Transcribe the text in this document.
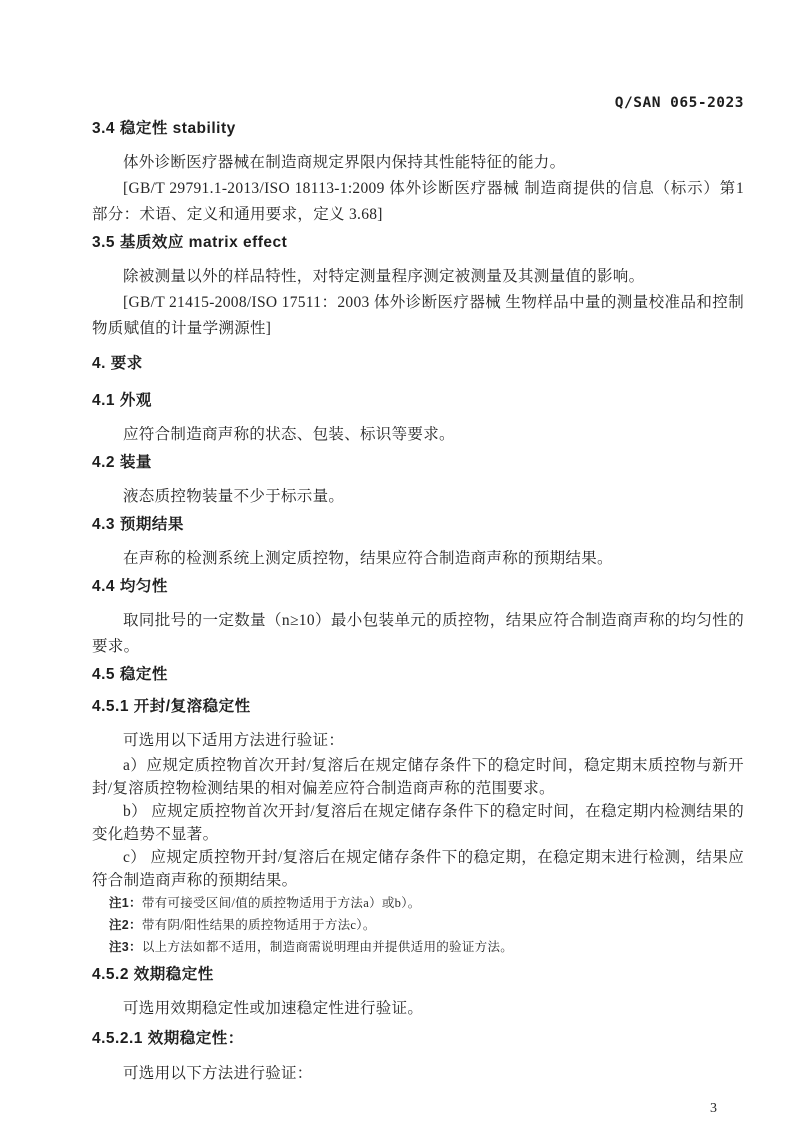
Q/SAN 065-2023
3.4 稳定性 stability
体外诊断医疗器械在制造商规定界限内保持其性能特征的能力。
[GB/T 29791.1-2013/ISO 18113-1:2009 体外诊断医疗器械 制造商提供的信息（标示）第1部分：术语、定义和通用要求，定义 3.68]
3.5 基质效应 matrix effect
除被测量以外的样品特性，对特定测量程序测定被测量及其测量值的影响。
[GB/T 21415-2008/ISO 17511：2003 体外诊断医疗器械 生物样品中量的测量校准品和控制物质赋值的计量学溯源性]
4. 要求
4.1 外观
应符合制造商声称的状态、包装、标识等要求。
4.2 装量
液态质控物装量不少于标示量。
4.3 预期结果
在声称的检测系统上测定质控物，结果应符合制造商声称的预期结果。
4.4 均匀性
取同批号的一定数量（n≥10）最小包装单元的质控物，结果应符合制造商声称的均匀性的要求。
4.5 稳定性
4.5.1 开封/复溶稳定性
可选用以下适用方法进行验证：
a）应规定质控物首次开封/复溶后在规定储存条件下的稳定时间，稳定期末质控物与新开封/复溶质控物检测结果的相对偏差应符合制造商声称的范围要求。
b） 应规定质控物首次开封/复溶后在规定储存条件下的稳定时间，在稳定期内检测结果的变化趋势不显著。
c） 应规定质控物开封/复溶后在规定储存条件下的稳定期，在稳定期末进行检测，结果应符合制造商声称的预期结果。
注1：带有可接受区间/值的质控物适用于方法a）或b）。
注2：带有阴/阳性结果的质控物适用于方法c）。
注3：以上方法如都不适用，制造商需说明理由并提供适用的验证方法。
4.5.2 效期稳定性
可选用效期稳定性或加速稳定性进行验证。
4.5.2.1 效期稳定性：
可选用以下方法进行验证：
3
